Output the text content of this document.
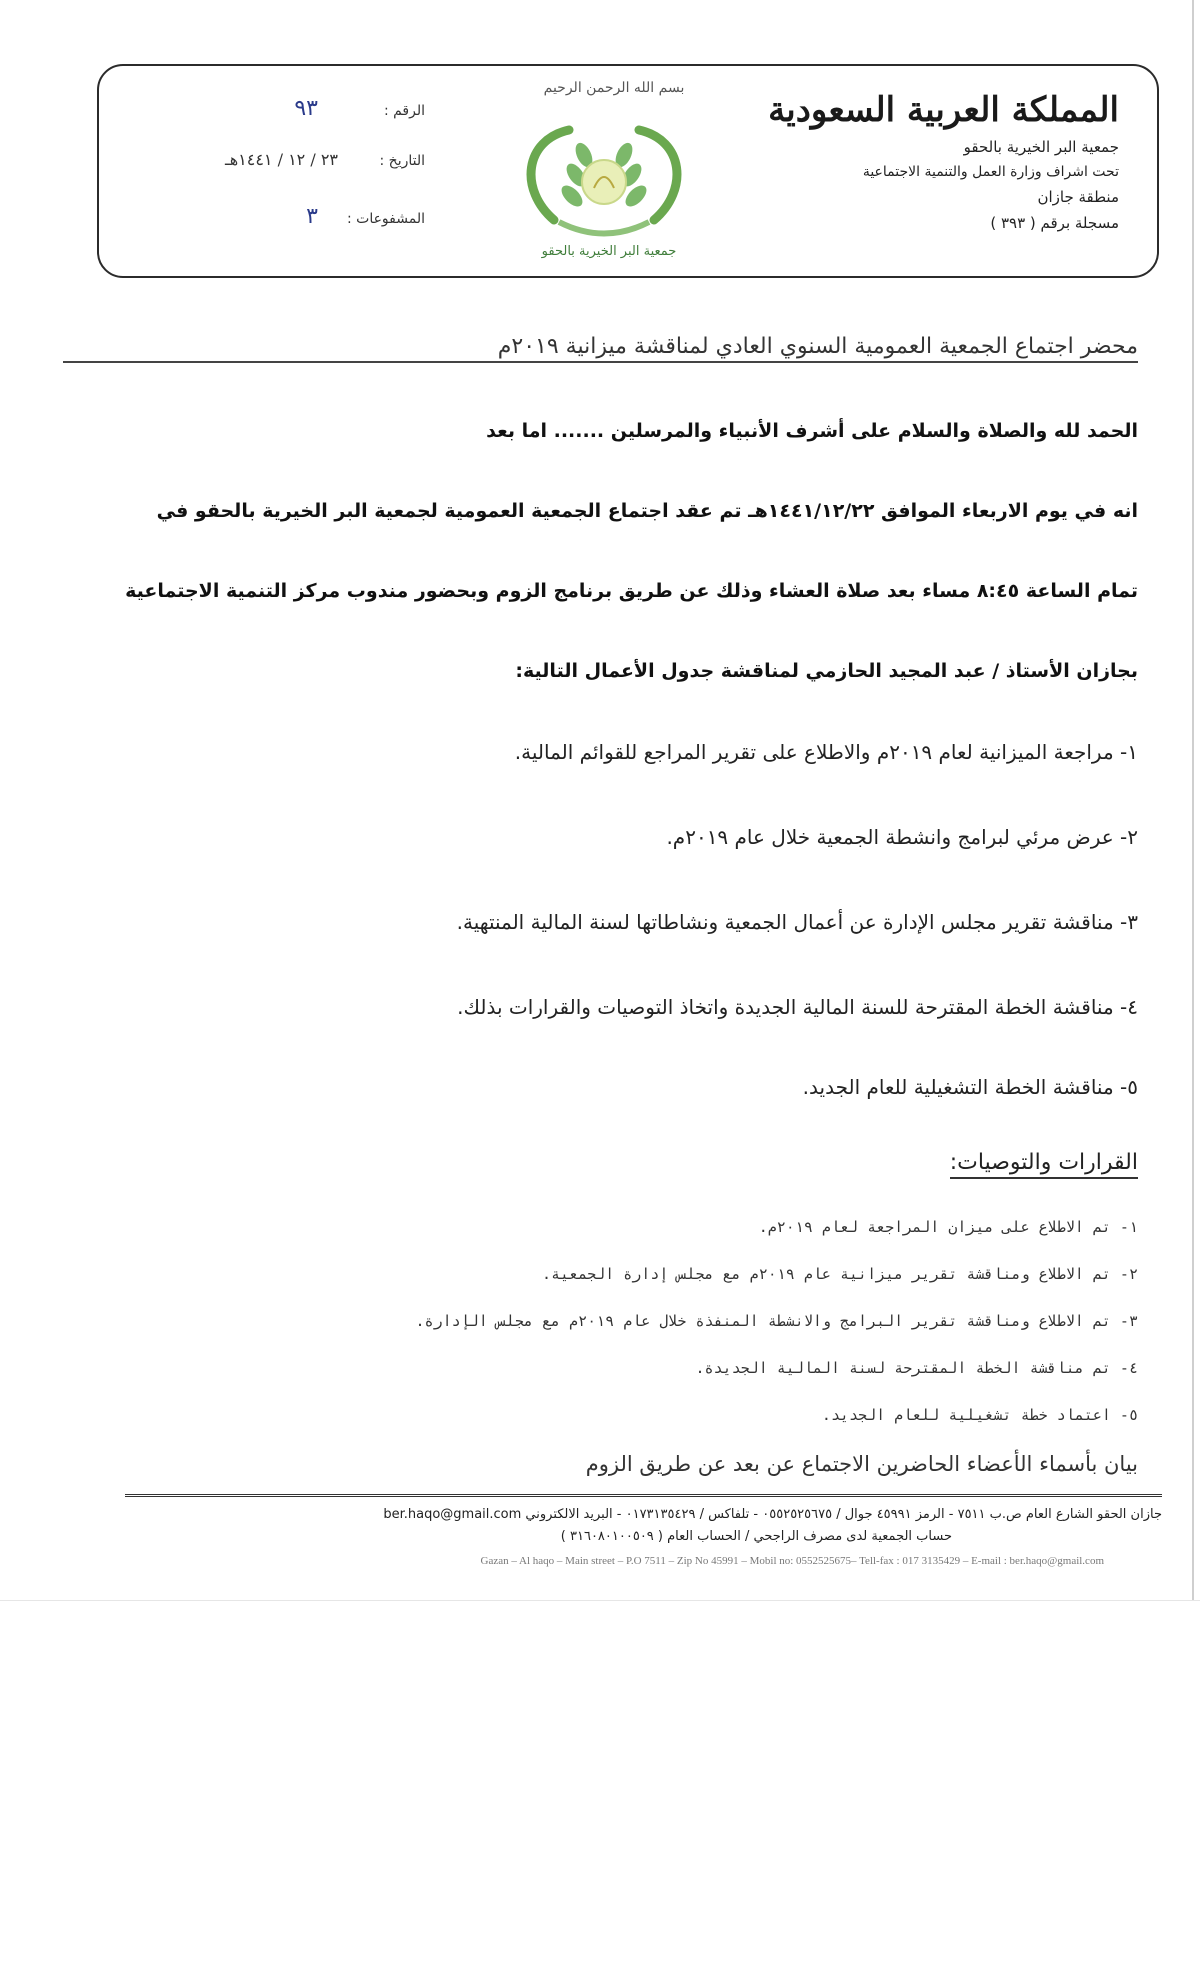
المملكة العربية السعودية
جمعية البر الخيرية بالحقو
تحت اشراف وزارة العمل والتنمية الاجتماعية
منطقة جازان
مسجلة برقم ( ٣٩٣ )
بسم الله الرحمن الرحيم
جمعية البر الخيرية بالحقو
الرقم :
٩٣
التاريخ :
٢٣ / ١٢ / ١٤٤١هـ
المشفوعات :
٣
محضر اجتماع الجمعية العمومية السنوي العادي لمناقشة ميزانية ٢٠١٩م
الحمد لله والصلاة والسلام على أشرف الأنبياء والمرسلين ....... اما بعد
انه في يوم الاربعاء الموافق ١٤٤١/١٢/٢٢هـ تم عقد اجتماع الجمعية العمومية لجمعية البر الخيرية بالحقو في
تمام الساعة ٨:٤٥ مساء بعد صلاة العشاء وذلك عن طريق برنامج الزوم وبحضور مندوب مركز التنمية الاجتماعية
بجازان الأستاذ / عبد المجيد الحازمي لمناقشة جدول الأعمال التالية:
١- مراجعة الميزانية لعام ٢٠١٩م والاطلاع على تقرير المراجع للقوائم المالية.
٢- عرض مرئي لبرامج وانشطة الجمعية خلال عام ٢٠١٩م.
٣- مناقشة تقرير مجلس الإدارة عن أعمال الجمعية ونشاطاتها لسنة المالية المنتهية.
٤- مناقشة الخطة المقترحة للسنة المالية الجديدة واتخاذ التوصيات والقرارات بذلك.
٥- مناقشة الخطة التشغيلية للعام الجديد.
القرارات والتوصيات:
١- تم الاطلاع على ميزان المراجعة لعام ٢٠١٩م.
٢- تم الاطلاع ومناقشة تقرير ميزانية عام ٢٠١٩م مع مجلس إدارة الجمعية.
٣- تم الاطلاع ومناقشة تقرير البرامج والانشطة المنفذة خلال عام ٢٠١٩م مع مجلس الإدارة.
٤- تم مناقشة الخطة المقترحة لسنة المالية الجديدة.
٥- اعتماد خطة تشغيلية للعام الجديد.
بيان بأسماء الأعضاء الحاضرين الاجتماع عن بعد عن طريق الزوم
جازان الحقو الشارع العام ص.ب ٧٥١١ - الرمز ٤٥٩٩١ جوال / ٠٥٥٢٥٢٥٦٧٥ - تلفاكس / ٠١٧٣١٣٥٤٢٩ - البريد الالكتروني ber.haqo@gmail.com
حساب الجمعية لدى مصرف الراجحي / الحساب العام ( ٣١٦٠٨٠١٠٠٥٠٩ )
Gazan – Al haqo – Main street – P.O 7511 – Zip No 45991 – Mobil no: 0552525675– Tell-fax : 017 3135429 – E-mail : ber.haqo@gmail.com
